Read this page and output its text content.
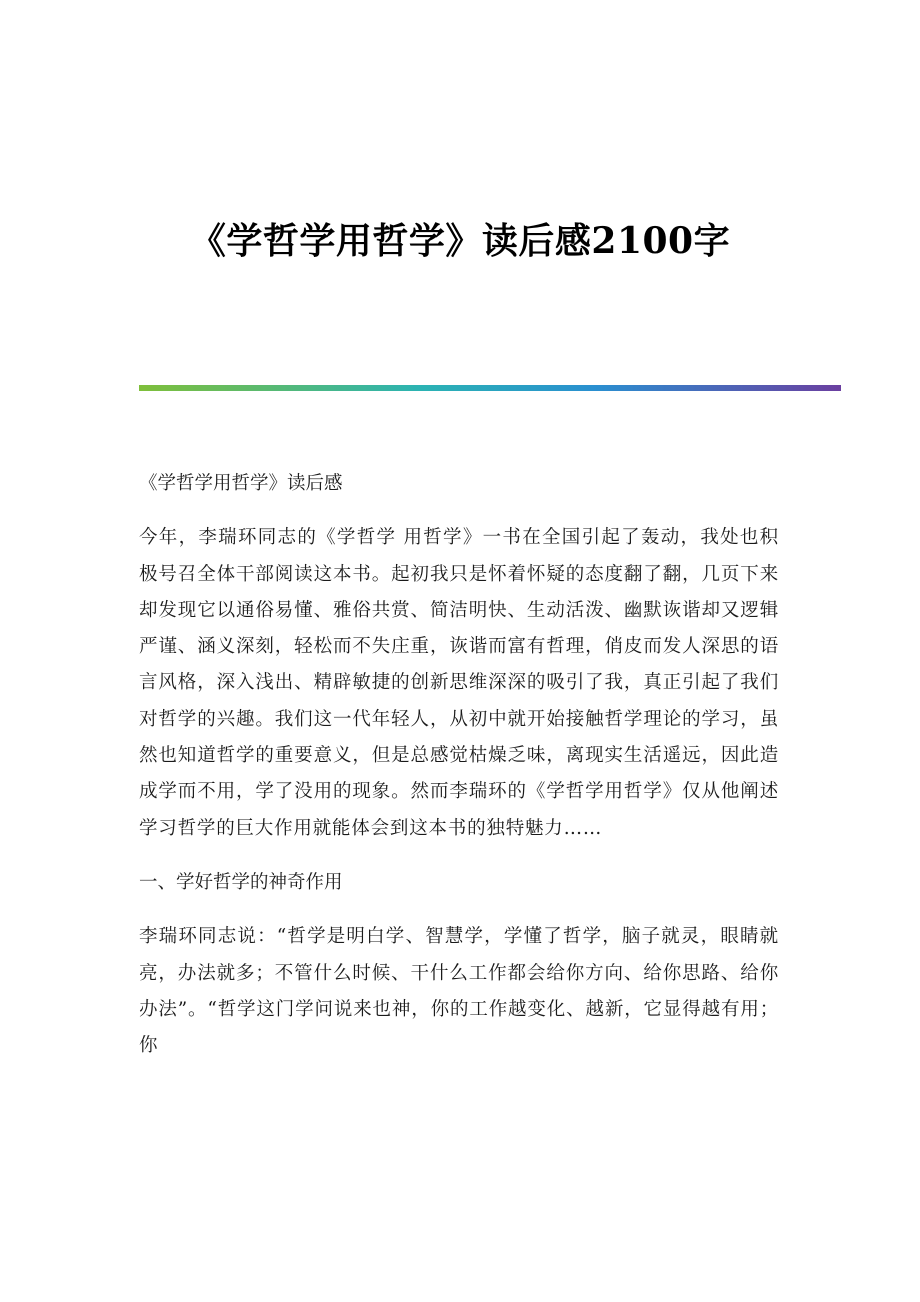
《学哲学用哲学》读后感2100字

《学哲学用哲学》读后感

今年，李瑞环同志的《学哲学 用哲学》一书在全国引起了轰动，我处也积极号召全体干部阅读这本书。起初我只是怀着怀疑的态度翻了翻，几页下来却发现它以通俗易懂、雅俗共赏、简洁明快、生动活泼、幽默诙谐却又逻辑严谨、涵义深刻，轻松而不失庄重，诙谐而富有哲理，俏皮而发人深思的语言风格，深入浅出、精辟敏捷的创新思维深深的吸引了我，真正引起了我们对哲学的兴趣。我们这一代年轻人，从初中就开始接触哲学理论的学习，虽然也知道哲学的重要意义，但是总感觉枯燥乏味，离现实生活遥远，因此造成学而不用，学了没用的现象。然而李瑞环的《学哲学用哲学》仅从他阐述学习哲学的巨大作用就能体会到这本书的独特魅力……

一、学好哲学的神奇作用

李瑞环同志说：“哲学是明白学、智慧学，学懂了哲学，脑子就灵，眼睛就亮，办法就多；不管什么时候、干什么工作都会给你方向、给你思路、给你办法”。“哲学这门学问说来也神，你的工作越变化、越新，它显得越有用；你
